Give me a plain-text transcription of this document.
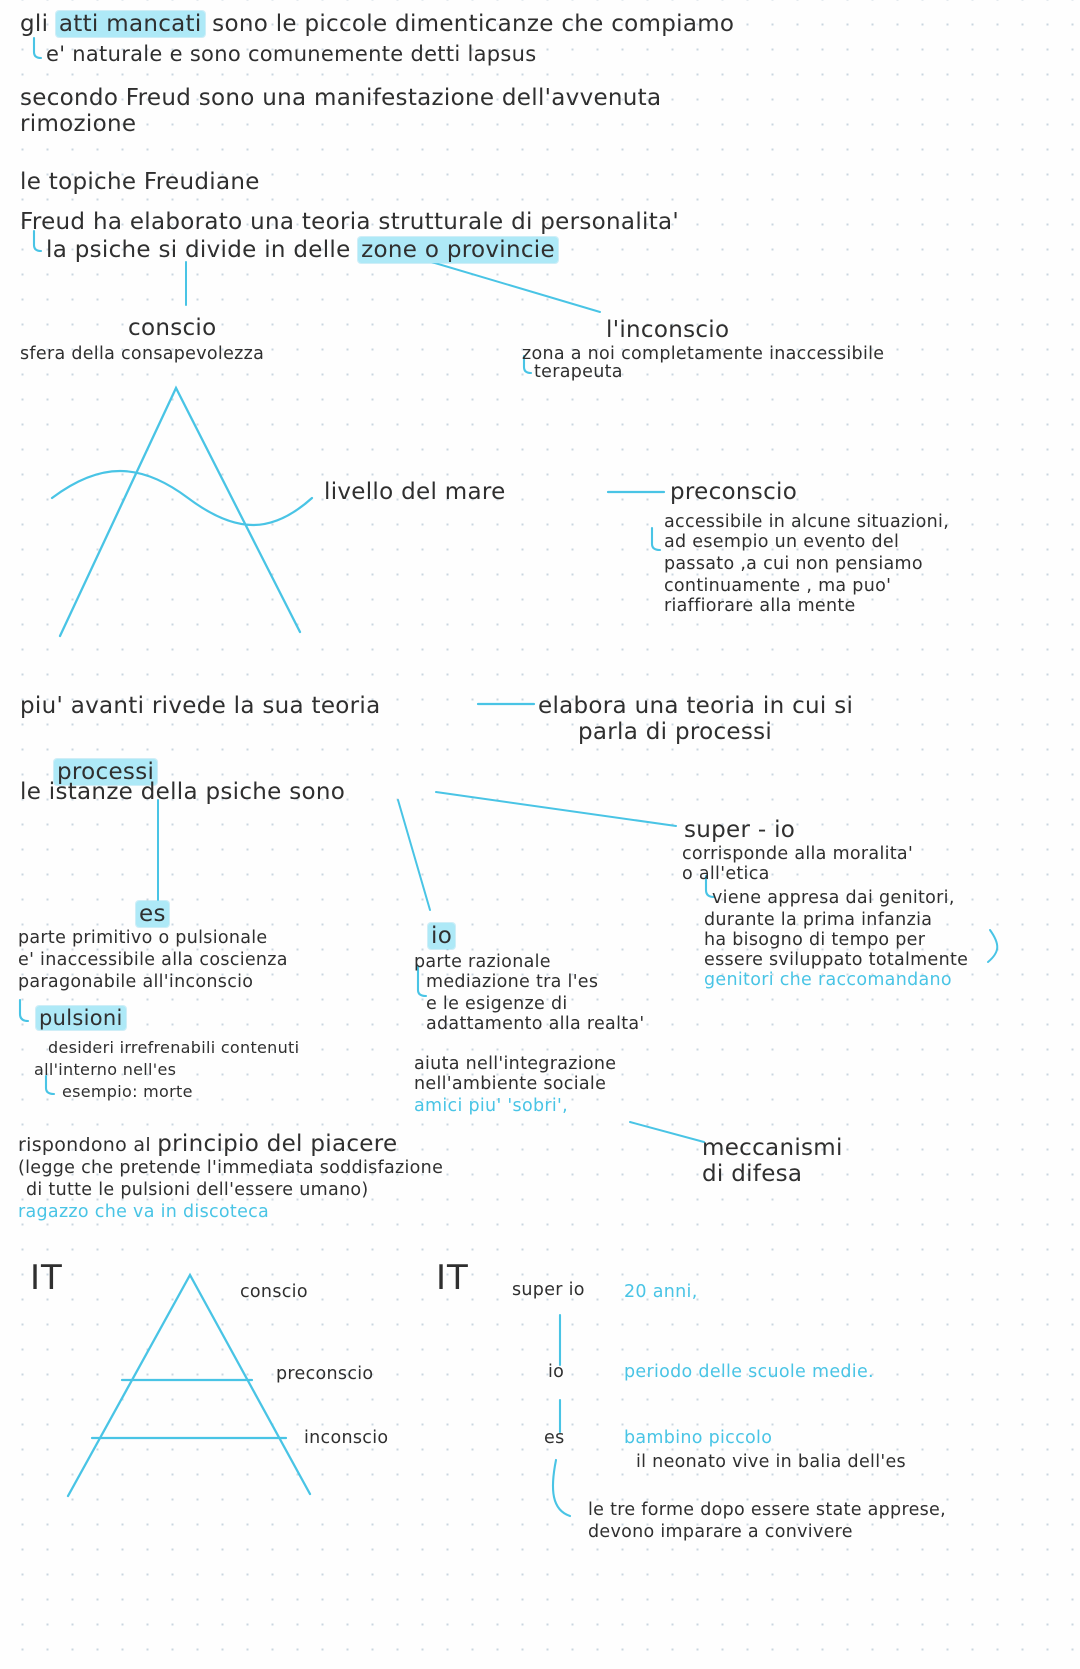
gli atti mancati sono le piccole dimenticanze che compiamo
e' naturale e sono comunemente detti lapsus
secondo Freud sono una manifestazione dell'avvenuta
rimozione
le topiche Freudiane
Freud ha elaborato una teoria strutturale di personalita'
la psiche si divide in delle zone o provincie
conscio
sfera della consapevolezza
l'inconscio
zona a noi completamente inaccessibile
terapeuta
livello del mare	preconscio
accessibile in alcune situazioni,
ad esempio un evento del
passato ,a cui non pensiamo
continuamente , ma puo'
riaffiorare alla mente
piu' avanti rivede la sua teoria	elabora una teoria in cui si
parla di processi
processi
le istanze della psiche sono
super - io
corrisponde alla moralita'
o all'etica
viene appresa dai genitori,
durante la prima infanzia
ha bisogno di tempo per
essere sviluppato totalmente
genitori che raccomandano
es
parte primitivo o pulsionale
e' inaccessibile alla coscienza
paragonabile all'inconscio
pulsioni
desideri irrefrenabili contenuti
all'interno nell'es
esempio: morte
io
parte razionale
mediazione tra l'es
e le esigenze di
adattamento alla realta'
aiuta nell'integrazione
nell'ambiente sociale
amici piu' 'sobri',
rispondono al principio del piacere
(legge che pretende l'immediata soddisfazione
di tutte le pulsioni dell'essere umano)
ragazzo che va in discoteca
meccanismi
di difesa
IT	conscio
preconscio
inconscio
IT super io 20 anni,
io	periodo delle scuole medie.
es	bambino piccolo
il neonato vive in balia dell'es
le tre forme dopo essere state apprese,
devono imparare a convivere
